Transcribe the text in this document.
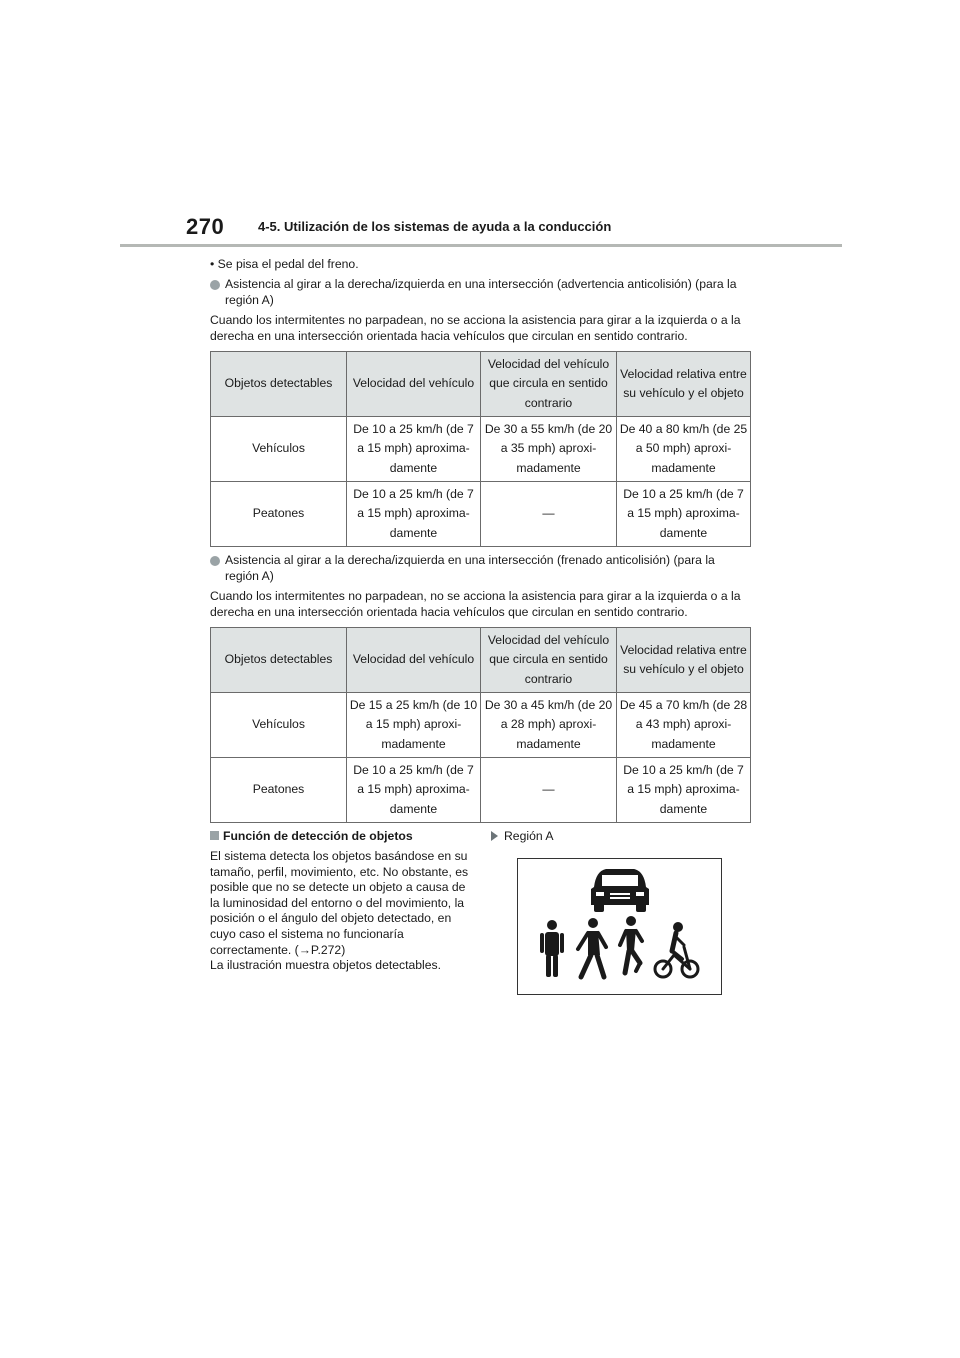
270	4-5. Utilización de los sistemas de ayuda a la conducción
• Se pisa el pedal del freno.
Asistencia al girar a la derecha/izquierda en una intersección (advertencia anticolisión) (para la región A)
Cuando los intermitentes no parpadean, no se acciona la asistencia para girar a la izquierda o a la derecha en una intersección orientada hacia vehículos que circulan en sentido contrario.
Objetos detectables	Velocidad del vehículo	Velocidad del vehículo que circula en sentido contrario	Velocidad relativa entre su vehículo y el objeto
Vehículos	De 10 a 25 km/h (de 7 a 15 mph) aproxima-damente	De 30 a 55 km/h (de 20 a 35 mph) aproxi-madamente	De 40 a 80 km/h (de 25 a 50 mph) aproxi-madamente
Peatones	De 10 a 25 km/h (de 7 a 15 mph) aproxima-damente	—	De 10 a 25 km/h (de 7 a 15 mph) aproxima-damente
Asistencia al girar a la derecha/izquierda en una intersección (frenado anticolisión) (para la región A)
Cuando los intermitentes no parpadean, no se acciona la asistencia para girar a la izquierda o a la derecha en una intersección orientada hacia vehículos que circulan en sentido contrario.
Objetos detectables	Velocidad del vehículo	Velocidad del vehículo que circula en sentido contrario	Velocidad relativa entre su vehículo y el objeto
Vehículos	De 15 a 25 km/h (de 10 a 15 mph) aproxi-madamente	De 30 a 45 km/h (de 20 a 28 mph) aproxi-madamente	De 45 a 70 km/h (de 28 a 43 mph) aproxi-madamente
Peatones	De 10 a 25 km/h (de 7 a 15 mph) aproxima-damente	—	De 10 a 25 km/h (de 7 a 15 mph) aproxima-damente
Función de detección de objetos
El sistema detecta los objetos basándose en su tamaño, perfil, movimiento, etc. No obstante, es posible que no se detecte un objeto a causa de la luminosidad del entorno o del movimiento, la posición o el ángulo del objeto detectado, en cuyo caso el sistema no funcionaría correctamente. (→P.272)
La ilustración muestra objetos detectables.
Región A
